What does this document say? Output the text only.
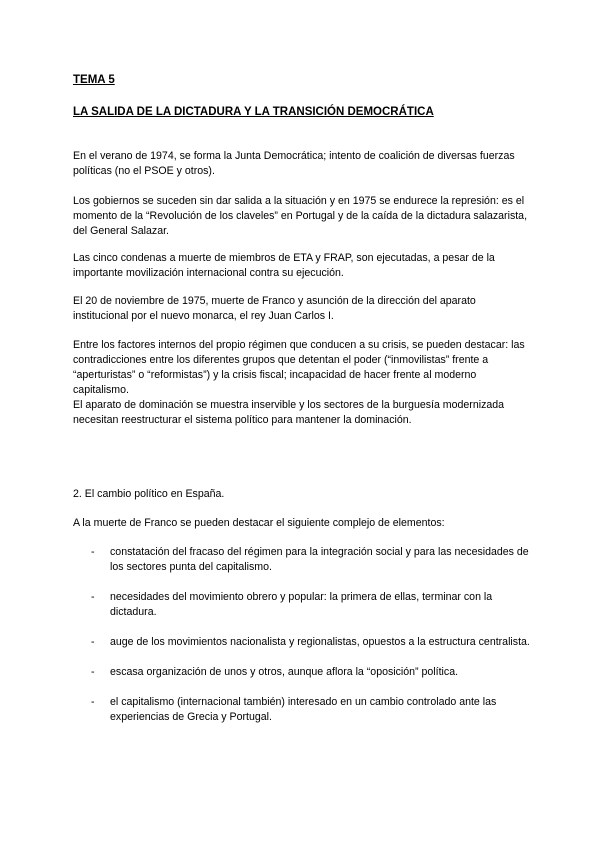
TEMA 5
LA SALIDA DE LA DICTADURA Y LA TRANSICIÓN DEMOCRÁTICA

En el verano de 1974, se forma la Junta Democrática; intento de coalición de diversas fuerzas políticas (no el PSOE y otros).

Los gobiernos se suceden sin dar salida a la situación y en 1975 se endurece la represión: es el momento de la “Revolución de los claveles” en Portugal y de la caída de la dictadura salazarista, del General Salazar.

Las cinco condenas a muerte de miembros de ETA y FRAP, son ejecutadas, a pesar de la importante movilización internacional contra su ejecución.

El 20 de noviembre de 1975, muerte de Franco y asunción de la dirección del aparato institucional por el nuevo monarca, el rey Juan Carlos I.

Entre los factores internos del propio régimen que conducen a su crisis, se pueden destacar: las contradicciones entre los diferentes grupos que detentan el poder (“inmovilistas” frente a “aperturistas” o “reformistas”) y la crisis fiscal; incapacidad de hacer frente al moderno capitalismo.

El aparato de dominación se muestra inservible y los sectores de la burguesía modernizada necesitan reestructurar el sistema político para mantener la dominación.

2. El cambio político en España.
A la muerte de Franco se pueden destacar el siguiente complejo de elementos:
- constatación del fracaso del régimen para la integración social y para las necesidades de los sectores punta del capitalismo.
- necesidades del movimiento obrero y popular: la primera de ellas, terminar con la dictadura.
- auge de los movimientos nacionalista y regionalistas, opuestos a la estructura centralista.
- escasa organización de unos y otros, aunque aflora la “oposición” política.
- el capitalismo (internacional también) interesado en un cambio controlado ante las experiencias de Grecia y Portugal.
